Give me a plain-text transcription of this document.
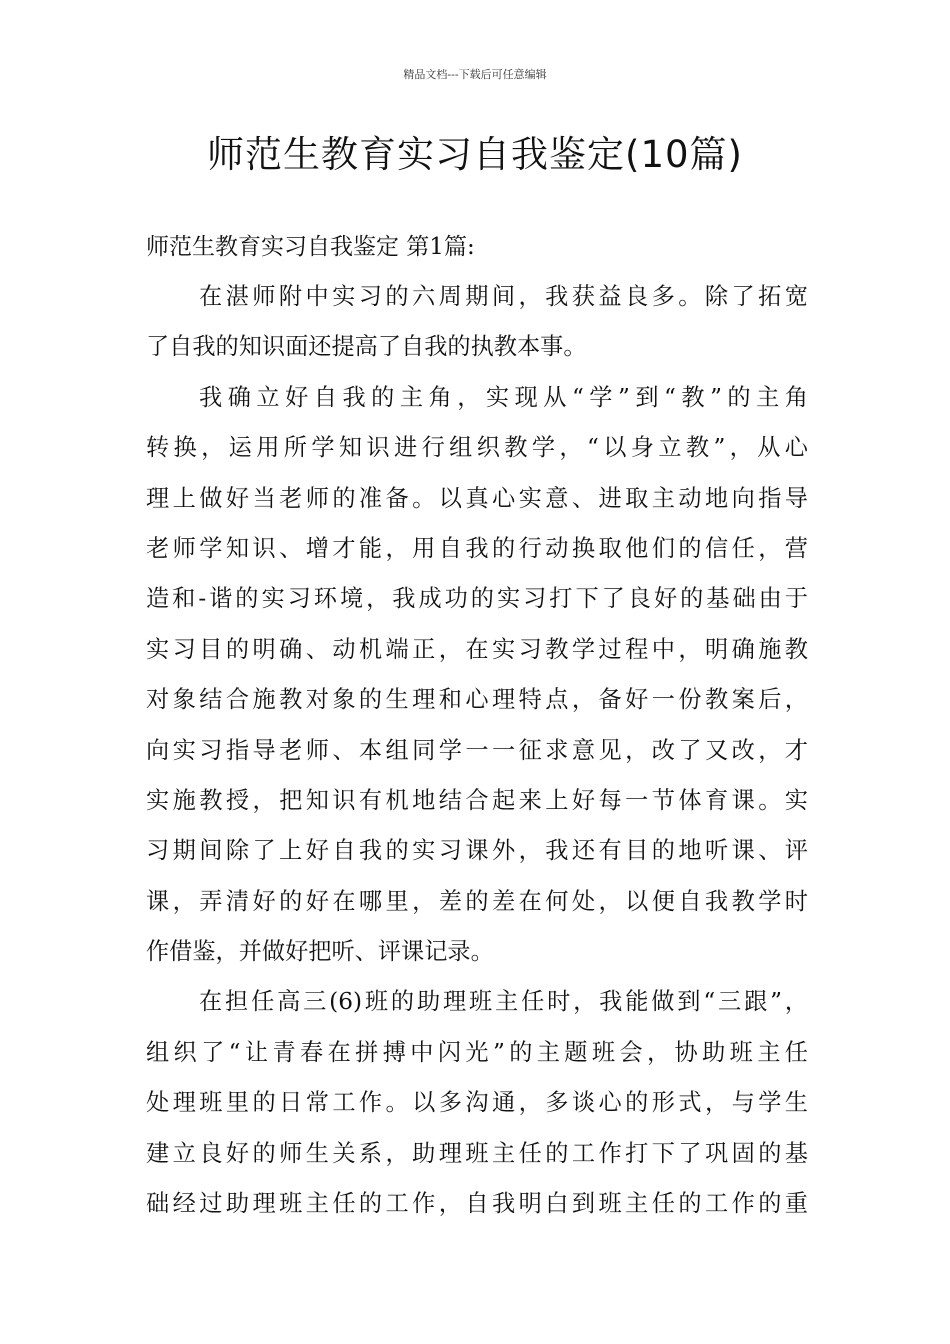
精品文档---下载后可任意编辑
师范生教育实习自我鉴定(10篇)
师范生教育实习自我鉴定 第1篇:
在湛师附中实习的六周期间，我获益良多。除了拓宽
了自我的知识面还提高了自我的执教本事。
我确立好自我的主角，实现从“学”到“教”的主角
转换，运用所学知识进行组织教学，“以身立教”，从心
理上做好当老师的准备。以真心实意、进取主动地向指导
老师学知识、增才能，用自我的行动换取他们的信任，营
造和-谐的实习环境，我成功的实习打下了良好的基础由于
实习目的明确、动机端正，在实习教学过程中，明确施教
对象结合施教对象的生理和心理特点，备好一份教案后，
向实习指导老师、本组同学一一征求意见，改了又改，才
实施教授，把知识有机地结合起来上好每一节体育课。实
习期间除了上好自我的实习课外，我还有目的地听课、评
课，弄清好的好在哪里，差的差在何处，以便自我教学时
作借鉴，并做好把听、评课记录。
在担任高三(6)班的助理班主任时，我能做到“三跟”，
组织了“让青春在拼搏中闪光”的主题班会，协助班主任
处理班里的日常工作。以多沟通，多谈心的形式，与学生
建立良好的师生关系，助理班主任的工作打下了巩固的基
础经过助理班主任的工作，自我明白到班主任的工作的重
